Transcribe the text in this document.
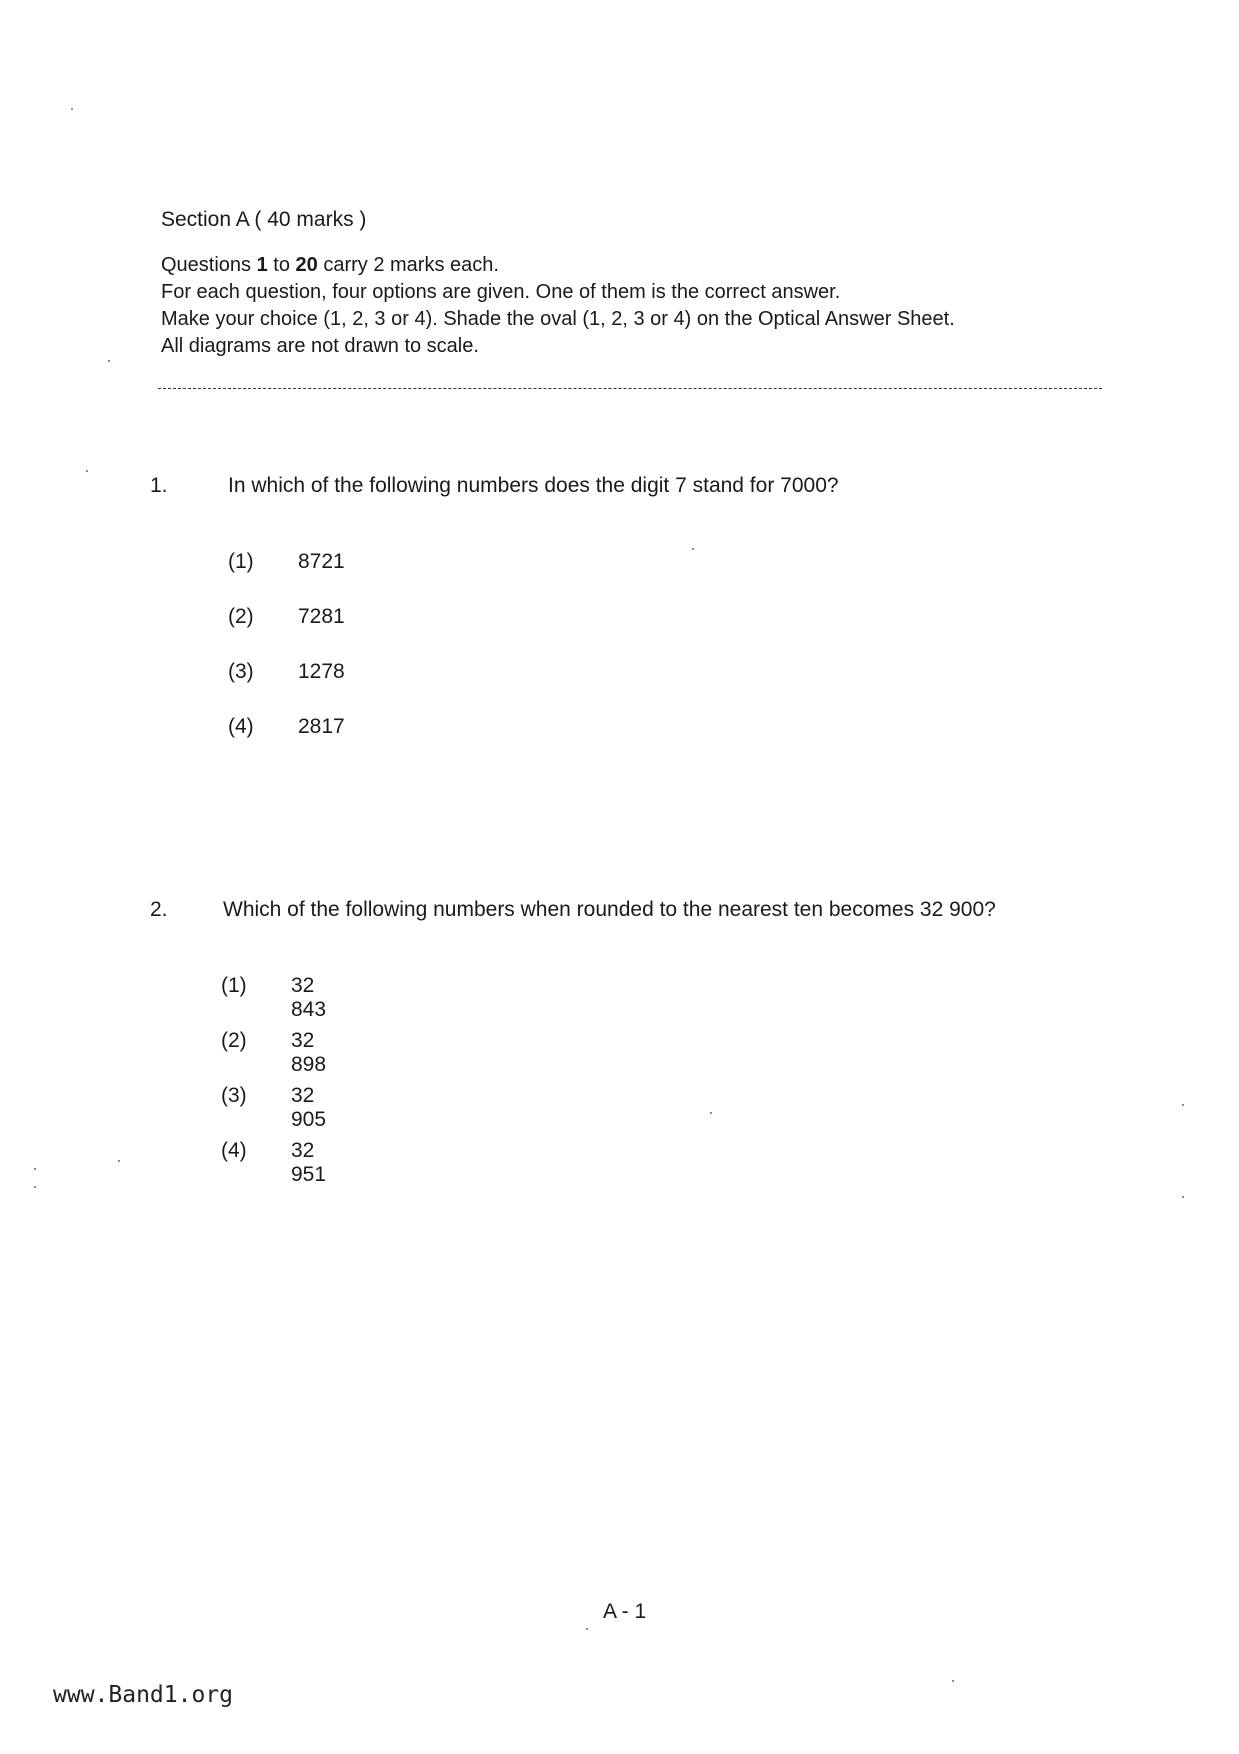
Section A ( 40 marks )
Questions 1 to 20 carry 2 marks each.
For each question, four options are given. One of them is the correct answer.
Make your choice (1, 2, 3 or 4). Shade the oval (1, 2, 3 or 4) on the Optical Answer Sheet.
All diagrams are not drawn to scale.
1.	In which of the following numbers does the digit 7 stand for 7000?
(1) 8721
(2) 7281
(3) 1278
(4) 2817
2.	Which of the following numbers when rounded to the nearest ten becomes 32 900?
(1) 32 843
(2) 32 898
(3) 32 905
(4) 32 951
A - 1
www.Band1.org
